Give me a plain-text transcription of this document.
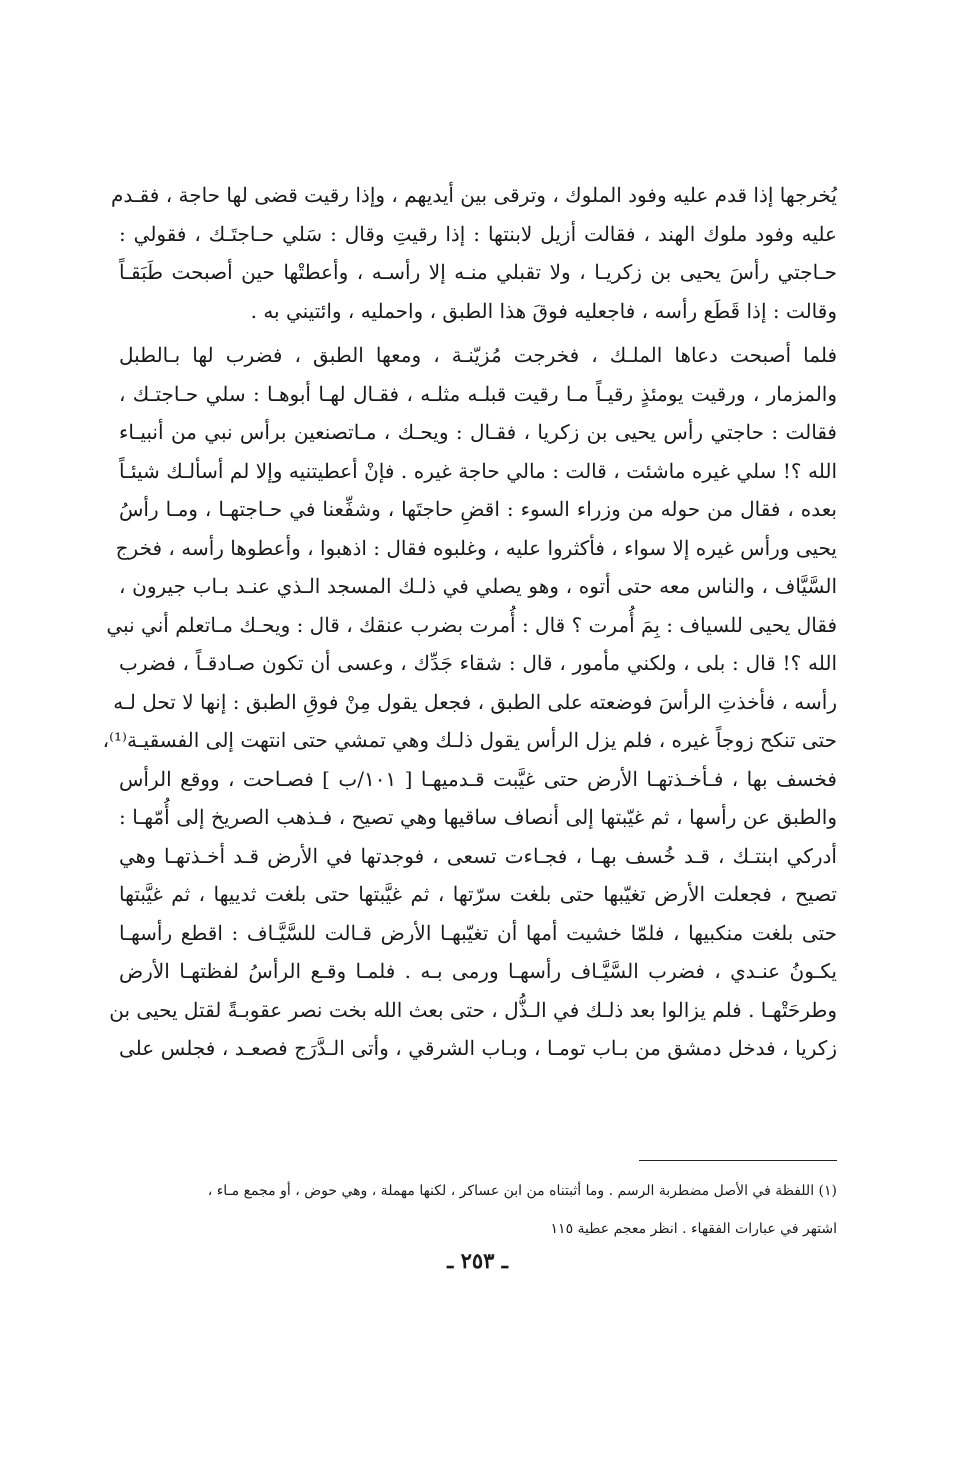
يُخرجها إذا قدم عليه وفود الملوك ، وترقى بين أيديهم ، وإذا رقيت قضى لها حاجة ، فقـدم
عليه وفود ملوك الهند ، فقالت أزيل لابنتها : إذا رقيتِ وقال : سَلي حـاجتَـك ، فقولي :
حـاجتي رأسَ يحيى بن زكريـا ، ولا تقبلي منـه إلا رأسـه ، وأعطتْها حين أصبحت طَبَقـاً
وقالت : إذا قَطَع رأسه ، فاجعليه فوقَ هذا الطبق ، واحمليه ، وائتيني به .
فلما أصبحت دعاها الملـك ، فخرجت مُزيّنـة ، ومعها الطبق ، فضرب لها بـالطبل
والمزمار ، ورقيت يومئذٍ رقيـاً مـا رقيت قبلـه مثلـه ، فقـال لهـا أبوهـا : سلي حـاجتـك ،
فقالت : حاجتي رأس يحيى بن زكريا ، فقـال : ويحـك ، مـاتصنعين برأس نبي من أنبيـاء
الله ؟! سلي غيره ماشئت ، قالت : مالي حاجة غيره . فإنْ أعطيتنيه وإلا لم أسألـك شيئـاً
بعده ، فقال من حوله من وزراء السوء : اقضِ حاجتَها ، وشفِّعنا في حـاجتهـا ، ومـا رأسُ
يحيى ورأس غيره إلا سواء ، فأكثروا عليه ، وغلبوه فقال : اذهبوا ، وأعطوها رأسه ، فخرج
السَّيَّاف ، والناس معه حتى أتوه ، وهو يصلي في ذلـك المسجد الـذي عنـد بـاب جيرون ،
فقال يحيى للسياف : بِمَ أُمرت ؟ قال : أُمرت بضرب عنقك ، قال : ويحـك مـاتعلم أني نبي
الله ؟! قال : بلى ، ولكني مأمور ، قال : شقاء جَدِّك ، وعسى أن تكون صـادقـاً ، فضرب
رأسه ، فأخذتِ الرأسَ فوضعته على الطبق ، فجعل يقول مِنْ فوقِ الطبق : إنها لا تحل لـه
حتى تنكح زوجاً غيره ، فلم يزل الرأس يقول ذلـك وهي تمشي حتى انتهت إلى الفسقيـة⁽¹⁾،
فخسف بها ، فـأخـذتهـا الأرض حتى غيَّبت قـدميهـا [ ١٠١/ب ] فصـاحت ، ووقع الرأس
والطبق عن رأسها ، ثم غيّبتها إلى أنصاف ساقيها وهي تصيح ، فـذهب الصريخ إلى أُمّهـا :
أدركي ابنتـك ، قـد خُسف بهـا ، فجـاءت تسعى ، فوجدتها في الأرض قـد أخـذتهـا وهي
تصيح ، فجعلت الأرض تغيّبها حتى بلغت سرّتها ، ثم غيَّبتها حتى بلغت ثدييها ، ثم غيَّبتها
حتى بلغت منكبيها ، فلمّا خشيت أمها أن تغيّبهـا الأرض قـالت للسَّيَّـاف : اقطع رأسهـا
يكـونُ عنـدي ، فضرب السَّيَّـاف رأسهـا ورمى بـه . فلمـا وقـع الرأسُ لفظتهـا الأرض
وطرحَتْهـا . فلم يزالوا بعد ذلـك في الـذُّل ، حتى بعث الله بخت نصر عقوبـةً لقتل يحيى بن
زكريا ، فدخل دمشق من بـاب تومـا ، وبـاب الشرقي ، وأتى الـدَّرَج فصعـد ، فجلس على
(١) اللفظة في الأصل مضطربة الرسم . وما أثبتناه من ابن عساكر ، لكنها مهملة ، وهي حوض ، أو مجمع مـاء ،
اشتهر في عبارات الفقهاء . انظر معجم عطية ١١٥
ـ ٢٥٣ ـ
